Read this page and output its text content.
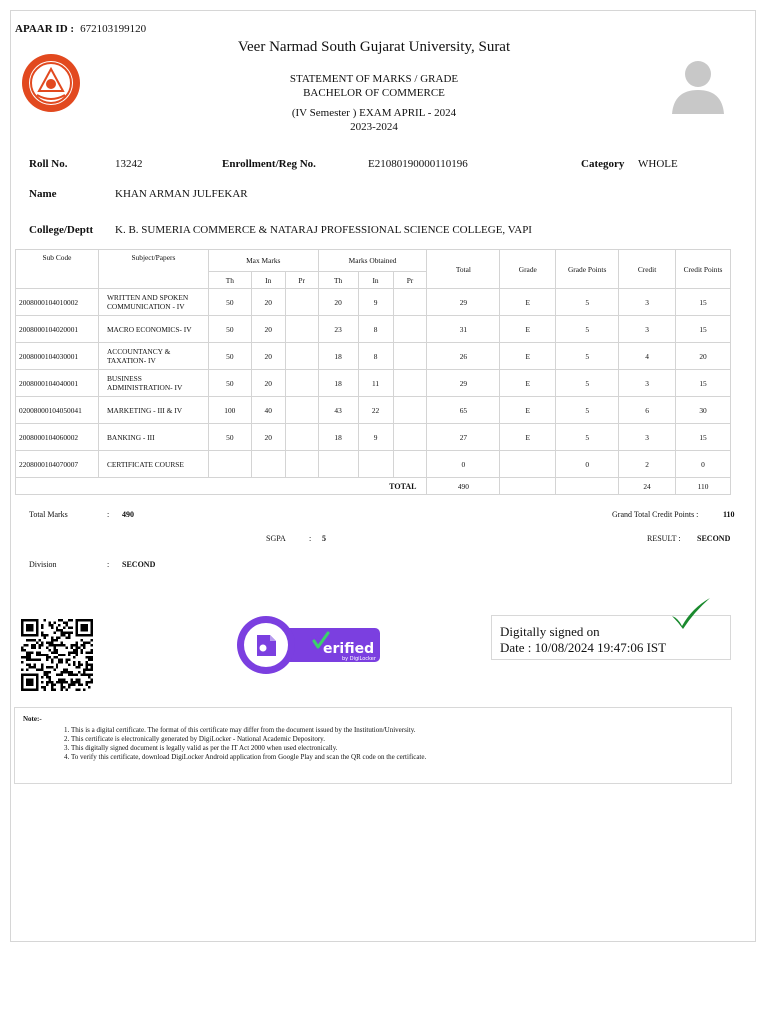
APAAR ID : 672103199120
Veer Narmad South Gujarat University, Surat
STATEMENT OF MARKS / GRADE
BACHELOR OF COMMERCE
(IV Semester ) EXAM APRIL - 2024
2023-2024
Roll No.	13242	Enrollment/Reg No.	E21080190000110196	Category WHOLE
Name	KHAN ARMAN JULFEKAR
College/Deptt K. B. SUMERIA COMMERCE & NATARAJ PROFESSIONAL SCIENCE COLLEGE, VAPI
Sub Code	Subject/Papers	Max Marks			Marks Obtained			Total	Grade	Grade Points	Credit	Credit Points
		Th	In	Pr	Th	In	Pr					
2008000104010002	WRITTEN AND SPOKEN COMMUNICATION - IV	50	20		20	9		29	E	5	3	15
2008000104020001	MACRO ECONOMICS- IV	50	20		23	8		31	E	5	3	15
2008000104030001	ACCOUNTANCY & TAXATION- IV	50	20		18	8		26	E	5	4	20
2008000104040001	BUSINESS ADMINISTRATION- IV	50	20		18	11		29	E	5	3	15
02008000104050041	MARKETING - III & IV	100	40		43	22		65	E	5	6	30
2008000104060002	BANKING - III	50	20		18	9		27	E	5	3	15
2208000104070007	CERTIFICATE COURSE							0		0	2	0
TOTAL								490			24	110
Total Marks	: 490	Grand Total Credit Points :	110
SGPA	: 5	RESULT : SECOND
Division	: SECOND
erified
by DigiLocker
Digitally signed on
Date : 10/08/2024 19:47:06 IST
Note:-
1. This is a digital certificate. The format of this certificate may differ from the document issued by the Institution/University.
2. This certificate is electronically generated by DigiLocker - National Academic Depository.
3. This digitally signed document is legally valid as per the IT Act 2000 when used electronically.
4. To verify this certificate, download DigiLocker Android application from Google Play and scan the QR code on the certificate.
